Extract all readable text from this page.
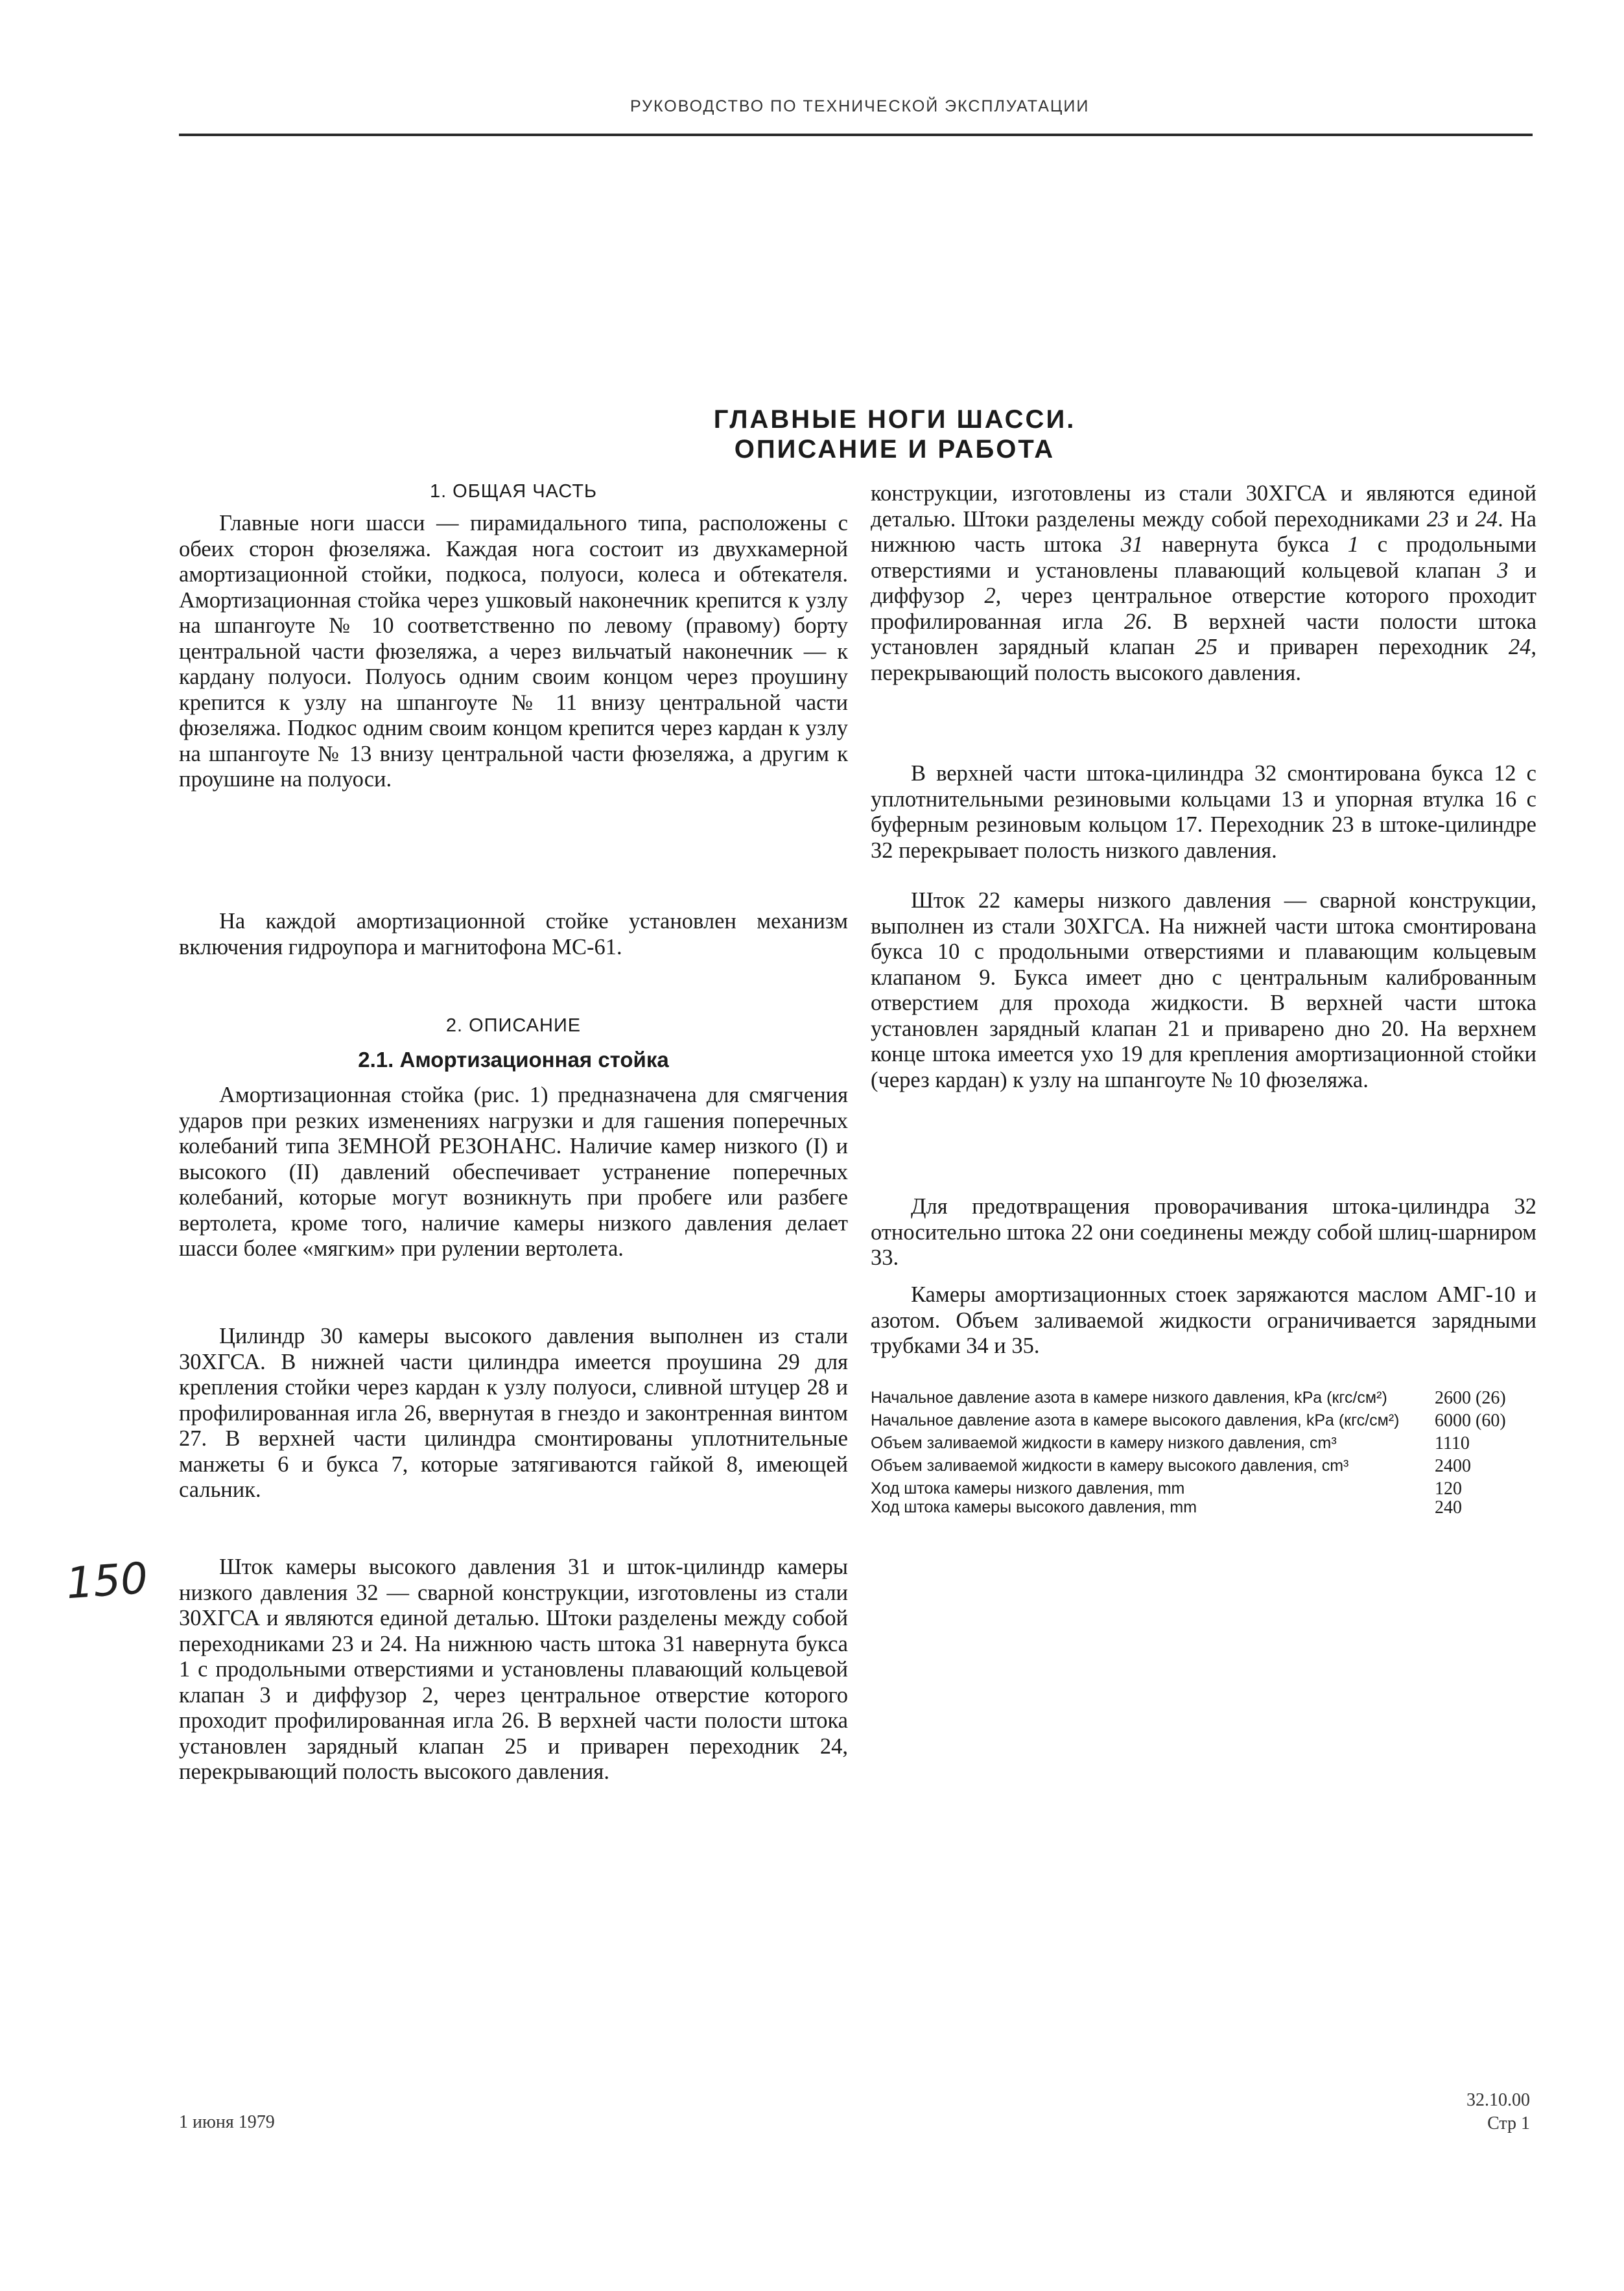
РУКОВОДСТВО ПО ТЕХНИЧЕСКОЙ ЭКСПЛУАТАЦИИ
ГЛАВНЫЕ НОГИ ШАССИ.
ОПИСАНИЕ И РАБОТА

1. ОБЩАЯ ЧАСТЬ

Главные ноги шасси — пирамидального типа, расположены с обеих сторон фюзеляжа. Каждая нога состоит из двухкамерной амортизационной стойки, подкоса, полуоси, колеса и обтекателя. Амортизационная стойка через ушковый наконечник крепится к узлу на шпангоуте № 10 соответственно по левому (правому) борту центральной части фюзеляжа, а через вильчатый наконечник — к кардану полуоси. Полуось одним своим концом через проушину крепится к узлу на шпангоуте № 11 внизу центральной части фюзеляжа. Подкос одним своим концом крепится через кардан к узлу на шпангоуте № 13 внизу центральной части фюзеляжа, а другим к проушине на полуоси.

На каждой амортизационной стойке установлен механизм включения гидроупора и магнитофона МС-61.

2. ОПИСАНИЕ

2.1. Амортизационная стойка

Амортизационная стойка (рис. 1) предназначена для смягчения ударов при резких изменениях нагрузки и для гашения поперечных колебаний типа ЗЕМНОЙ РЕЗОНАНС. Наличие камер низкого (I) и высокого (II) давлений обеспечивает устранение поперечных колебаний, которые могут возникнуть при пробеге или разбеге вертолета, кроме того, наличие камеры низкого давления делает шасси более «мягким» при рулении вертолета.

Цилиндр 30 камеры высокого давления выполнен из стали 30ХГСА. В нижней части цилиндра имеется проушина 29 для крепления стойки через кардан к узлу полуоси, сливной штуцер 28 и профилированная игла 26, ввернутая в гнездо и законтренная винтом 27. В верхней части цилиндра смонтированы уплотнительные манжеты 6 и букса 7, которые затягиваются гайкой 8, имеющей сальник.

Шток камеры высокого давления 31 и шток-цилиндр камеры низкого давления 32 — сварной конструкции, изготовлены из стали 30ХГСА и являются единой деталью. Штоки разделены между собой переходниками 23 и 24. На нижнюю часть штока 31 навернута букса 1 с продольными отверстиями и установлены плавающий кольцевой клапан 3 и диффузор 2, через центральное отверстие которого проходит профилированная игла 26. В верхней части полости штока установлен зарядный клапан 25 и приварен переходник 24, перекрывающий полость высокого давления.

конструкции, изготовлены из стали 30ХГСА и являются единой деталью. Штоки разделены между собой переходниками 23 и 24. На нижнюю часть штока 31 навернута букса 1 с продольными отверстиями и установлены плавающий кольцевой клапан 3 и диффузор 2, через центральное отверстие которого проходит профилированная игла 26. В верхней части полости штока установлен зарядный клапан 25 и приварен переходник 24, перекрывающий полость высокого давления.

В верхней части штока-цилиндра 32 смонтирована букса 12 с уплотнительными резиновыми кольцами 13 и упорная втулка 16 с буферным резиновым кольцом 17. Переходник 23 в штоке-цилиндре 32 перекрывает полость низкого давления.

Шток 22 камеры низкого давления — сварной конструкции, выполнен из стали 30ХГСА. На нижней части штока смонтирована букса 10 с продольными отверстиями и плавающим кольцевым клапаном 9. Букса имеет дно с центральным калиброванным отверстием для прохода жидкости. В верхней части штока установлен зарядный клапан 21 и приварено дно 20. На верхнем конце штока имеется ухо 19 для крепления амортизационной стойки (через кардан) к узлу на шпангоуте № 10 фюзеляжа.

Для предотвращения проворачивания штока-цилиндра 32 относительно штока 22 они соединены между собой шлиц-шарниром 33.

Камеры амортизационных стоек заряжаются маслом АМГ-10 и азотом. Объем заливаемой жидкости ограничивается зарядными трубками 34 и 35.

Начальное давление азота в камере низкого давления, kPa (кгс/см²)	2600 (26)
Начальное давление азота в камере высокого давления, kPa (кгс/см²)	6000 (60)
Объем заливаемой жидкости в камеру низкого давления, cm³	1110
Объем заливаемой жидкости в камеру высокого давления, cm³	2400
Ход штока камеры низкого давления, mm	120
Ход штока камеры высокого давления, mm	240
150
1 июня 1979
32.10.00
Стр 1
